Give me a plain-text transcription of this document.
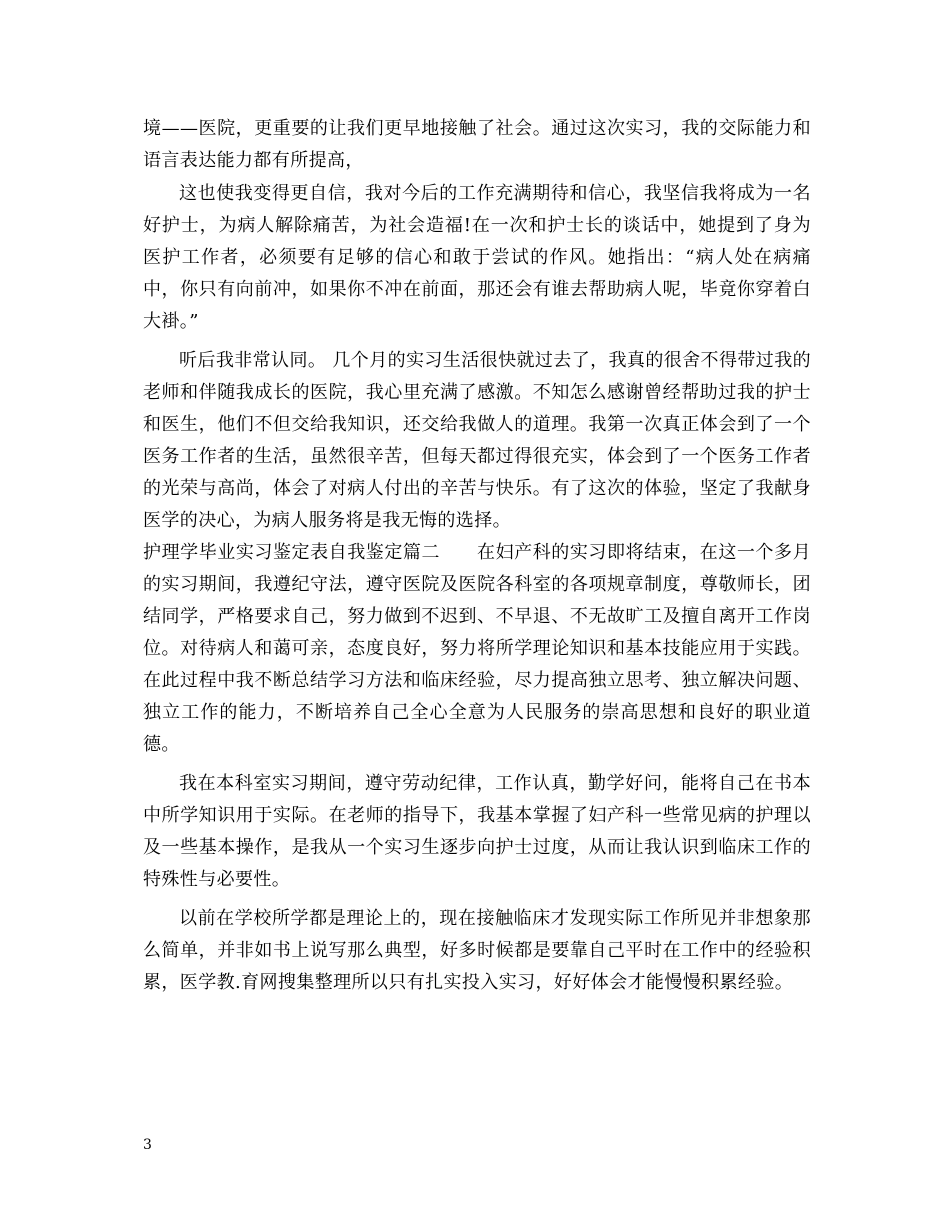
境——医院，更重要的让我们更早地接触了社会。通过这次实习，我的交际能力和语言表达能力都有所提高，

这也使我变得更自信，我对今后的工作充满期待和信心，我坚信我将成为一名好护士，为病人解除痛苦，为社会造福!在一次和护士长的谈话中，她提到了身为医护工作者，必须要有足够的信心和敢于尝试的作风。她指出：“病人处在病痛中，你只有向前冲，如果你不冲在前面，那还会有谁去帮助病人呢，毕竟你穿着白大褂。”

听后我非常认同。 几个月的实习生活很快就过去了，我真的很舍不得带过我的老师和伴随我成长的医院，我心里充满了感激。不知怎么感谢曾经帮助过我的护士和医生，他们不但交给我知识，还交给我做人的道理。我第一次真正体会到了一个医务工作者的生活，虽然很辛苦，但每天都过得很充实，体会到了一个医务工作者的光荣与高尚，体会了对病人付出的辛苦与快乐。有了这次的体验，坚定了我献身医学的决心，为病人服务将是我无悔的选择。

护理学毕业实习鉴定表自我鉴定篇二   在妇产科的实习即将结束，在这一个多月的实习期间，我遵纪守法，遵守医院及医院各科室的各项规章制度，尊敬师长，团结同学，严格要求自己，努力做到不迟到、不早退、不无故旷工及擅自离开工作岗位。对待病人和蔼可亲，态度良好，努力将所学理论知识和基本技能应用于实践。在此过程中我不断总结学习方法和临床经验，尽力提高独立思考、独立解决问题、独立工作的能力，不断培养自己全心全意为人民服务的崇高思想和良好的职业道德。

我在本科室实习期间，遵守劳动纪律，工作认真，勤学好问，能将自己在书本中所学知识用于实际。在老师的指导下，我基本掌握了妇产科一些常见病的护理以及一些基本操作，是我从一个实习生逐步向护士过度，从而让我认识到临床工作的特殊性与必要性。

以前在学校所学都是理论上的，现在接触临床才发现实际工作所见并非想象那么简单，并非如书上说写那么典型，好多时候都是要靠自己平时在工作中的经验积累，医学教.育网搜集整理所以只有扎实投入实习，好好体会才能慢慢积累经验。

3
